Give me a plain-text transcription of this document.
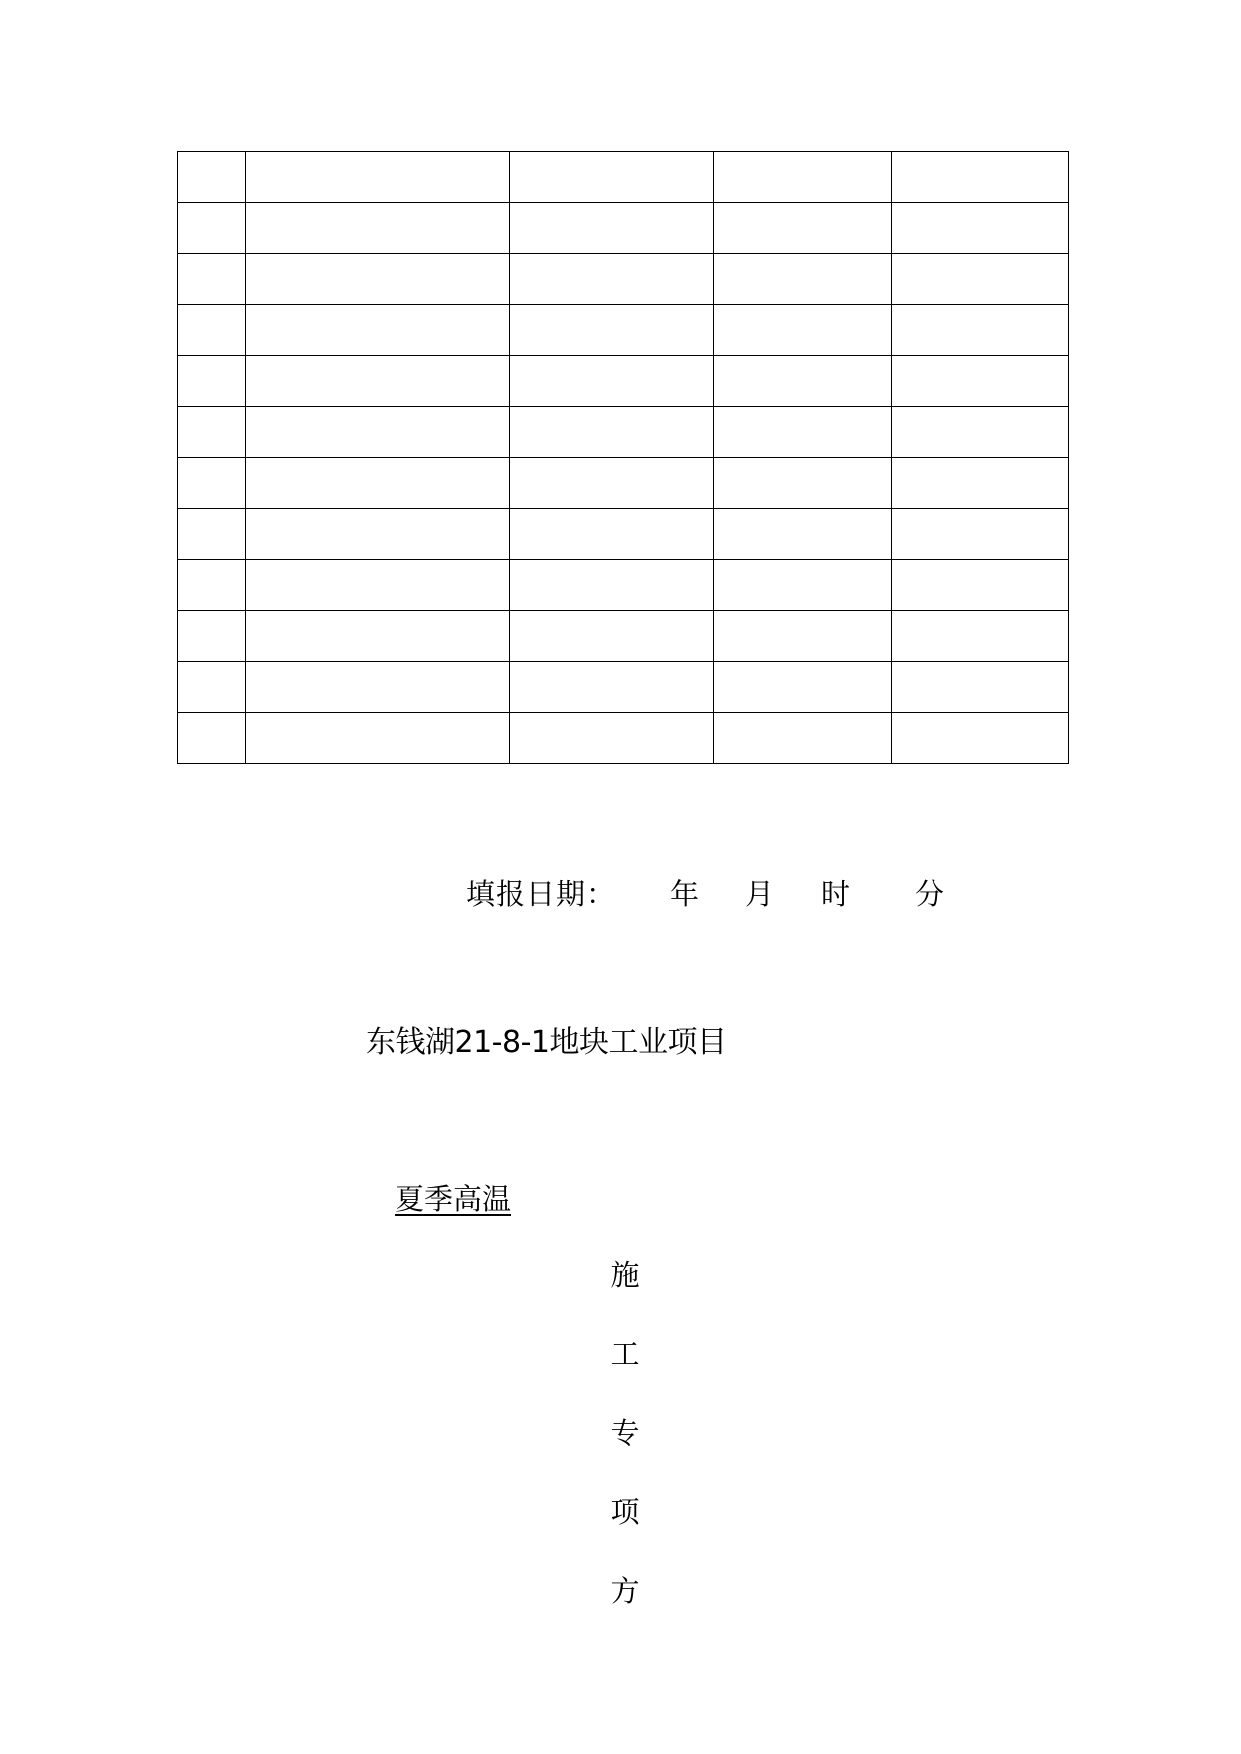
填报日期： 年 月 时 分
东钱湖21-8-1地块工业项目
夏季高温
施
工
专
项
方
